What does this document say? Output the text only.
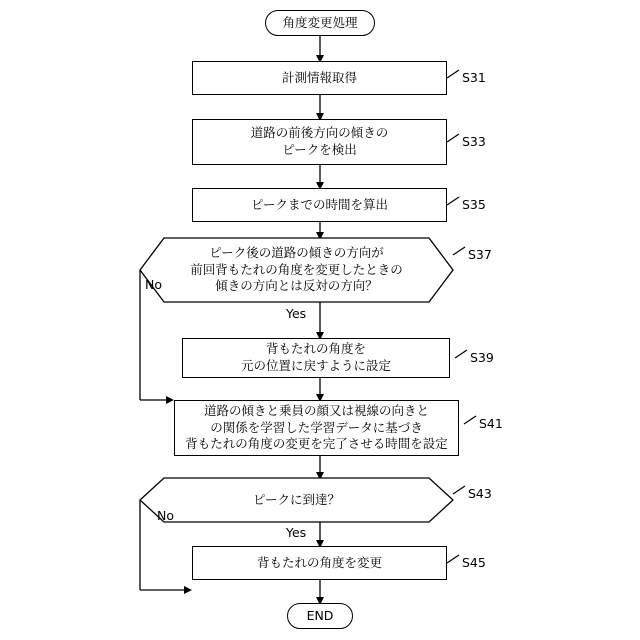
角度変更処理
計測情報取得	S31
道路の前後方向の傾きの
ピークを検出
S33
ピークまでの時間を算出	S35
ピーク後の道路の傾きの方向が
前回背もたれの角度を変更したときの
傾きの方向とは反対の方向？
S37
No
Yes
背もたれの角度を
元の位置に戻すように設定
S39
道路の傾きと乗員の顔又は視線の向きと
の関係を学習した学習データに基づき
背もたれの角度の変更を完了させる時間を設定
S41
ピークに到達？	S43
No
Yes
背もたれの角度を変更	S45
END
